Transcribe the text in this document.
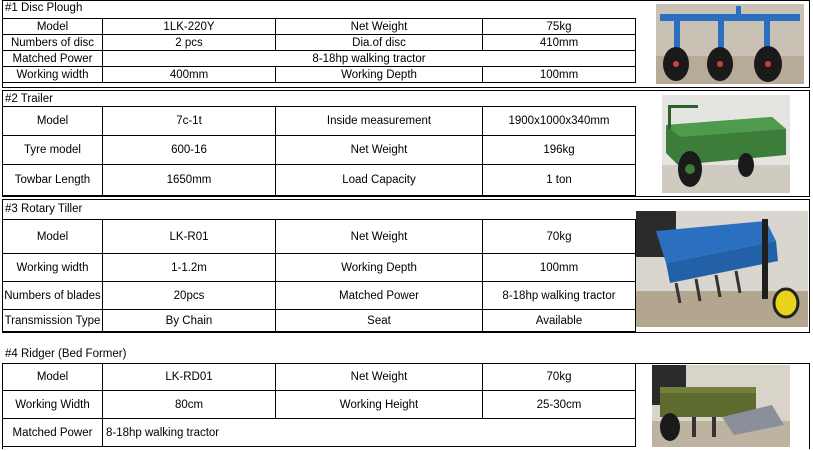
#1 Disc Plough
Model	1LK-220Y	Net Weight	75kg
Numbers of disc	2 pcs	Dia.of disc	410mm
Matched Power	8-18hp walking tractor		
Working width	400mm	Working Depth	100mm
#2 Trailer
Model	7c-1t	Inside measurement	1900x1000x340mm
Tyre model	600-16	Net Weight	196kg
Towbar Length	1650mm	Load Capacity	1 ton
#3 Rotary Tiller
Model	LK-R01	Net Weight	70kg
Working width	1-1.2m	Working Depth	100mm
Numbers of blades	20pcs	Matched Power	8-18hp walking tractor
Transmission Type	By Chain	Seat	Available
#4 Ridger (Bed Former)
Model	LK-RD01	Net Weight	70kg
Working Width	80cm	Working Height	25-30cm
Matched Power	8-18hp walking tractor		
